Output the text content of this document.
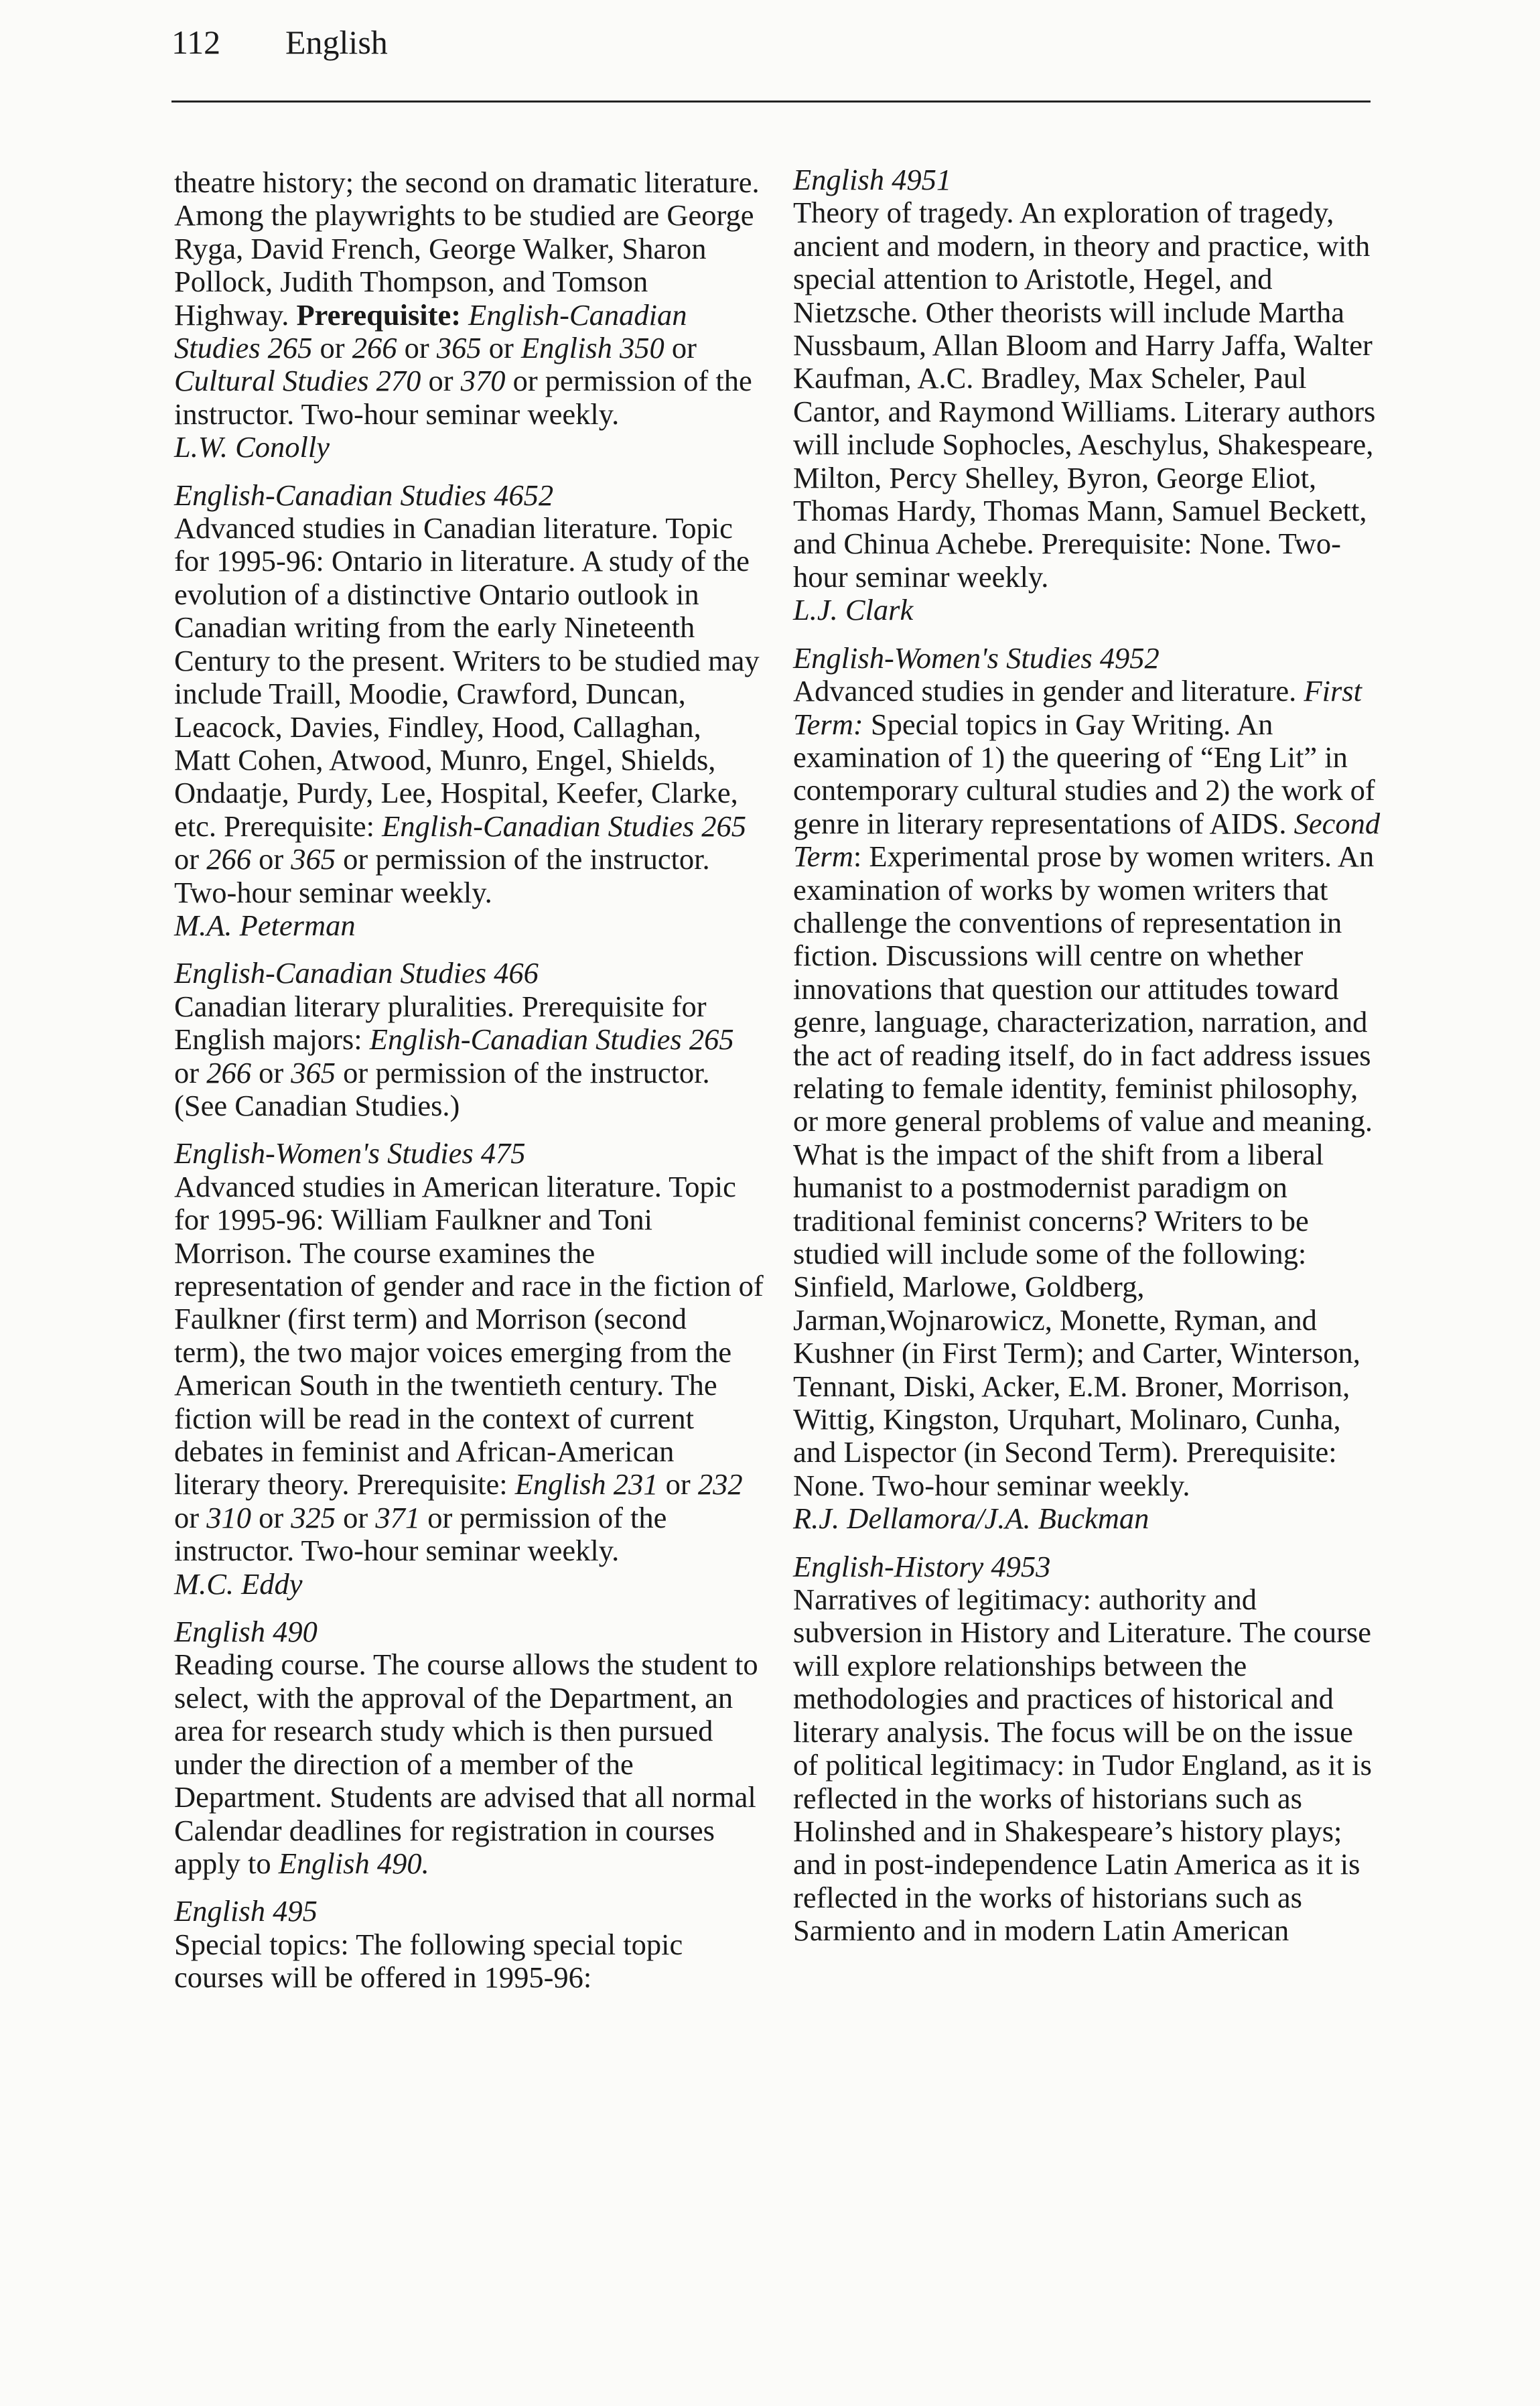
112 English
theatre history; the second on dramatic literature. Among the playwrights to be studied are George Ryga, David French, George Walker, Sharon Pollock, Judith Thompson, and Tomson Highway. Prerequisite: English-Canadian Studies 265 or 266 or 365 or English 350 or Cultural Studies 270 or 370 or permission of the instructor. Two-hour seminar weekly.
L.W. Conolly
English-Canadian Studies 4652
Advanced studies in Canadian literature. Topic for 1995-96: Ontario in literature. A study of the evolution of a distinctive Ontario outlook in Canadian writing from the early Nineteenth Century to the present. Writers to be studied may include Traill, Moodie, Crawford, Duncan, Leacock, Davies, Findley, Hood, Callaghan, Matt Cohen, Atwood, Munro, Engel, Shields, Ondaatje, Purdy, Lee, Hospital, Keefer, Clarke, etc. Prerequisite: English-Canadian Studies 265 or 266 or 365 or permission of the instructor. Two-hour seminar weekly.
M.A. Peterman
English-Canadian Studies 466
Canadian literary pluralities. Prerequisite for English majors: English-Canadian Studies 265 or 266 or 365 or permission of the instructor. (See Canadian Studies.)
English-Women's Studies 475
Advanced studies in American literature. Topic for 1995-96: William Faulkner and Toni Morrison. The course examines the representation of gender and race in the fiction of Faulkner (first term) and Morrison (second term), the two major voices emerging from the American South in the twentieth century. The fiction will be read in the context of current debates in feminist and African-American literary theory. Prerequisite: English 231 or 232 or 310 or 325 or 371 or permission of the instructor. Two-hour seminar weekly.
M.C. Eddy
English 490
Reading course. The course allows the student to select, with the approval of the Department, an area for research study which is then pursued under the direction of a member of the Department. Students are advised that all normal Calendar deadlines for registration in courses apply to English 490.
English 495
Special topics: The following special topic courses will be offered in 1995-96:
English 4951
Theory of tragedy. An exploration of tragedy, ancient and modern, in theory and practice, with special attention to Aristotle, Hegel, and Nietzsche. Other theorists will include Martha Nussbaum, Allan Bloom and Harry Jaffa, Walter Kaufman, A.C. Bradley, Max Scheler, Paul Cantor, and Raymond Williams. Literary authors will include Sophocles, Aeschylus, Shakespeare, Milton, Percy Shelley, Byron, George Eliot, Thomas Hardy, Thomas Mann, Samuel Beckett, and Chinua Achebe. Prerequisite: None. Two-hour seminar weekly.
L.J. Clark
English-Women's Studies 4952
Advanced studies in gender and literature. First Term: Special topics in Gay Writing. An examination of 1) the queering of “Eng Lit” in contemporary cultural studies and 2) the work of genre in literary representations of AIDS. Second Term: Experimental prose by women writers. An examination of works by women writers that challenge the conventions of representation in fiction. Discussions will centre on whether innovations that question our attitudes toward genre, language, characterization, narration, and the act of reading itself, do in fact address issues relating to female identity, feminist philosophy, or more general problems of value and meaning. What is the impact of the shift from a liberal humanist to a postmodernist paradigm on traditional feminist concerns? Writers to be studied will include some of the following: Sinfield, Marlowe, Goldberg, Jarman,Wojnarowicz, Monette, Ryman, and Kushner (in First Term); and Carter, Winterson, Tennant, Diski, Acker, E.M. Broner, Morrison, Wittig, Kingston, Urquhart, Molinaro, Cunha, and Lispector (in Second Term). Prerequisite: None. Two-hour seminar weekly.
R.J. Dellamora/J.A. Buckman
English-History 4953
Narratives of legitimacy: authority and subversion in History and Literature. The course will explore relationships between the methodologies and practices of historical and literary analysis. The focus will be on the issue of political legitimacy: in Tudor England, as it is reflected in the works of historians such as Holinshed and in Shakespeare’s history plays; and in post-independence Latin America as it is reflected in the works of historians such as Sarmiento and in modern Latin American
